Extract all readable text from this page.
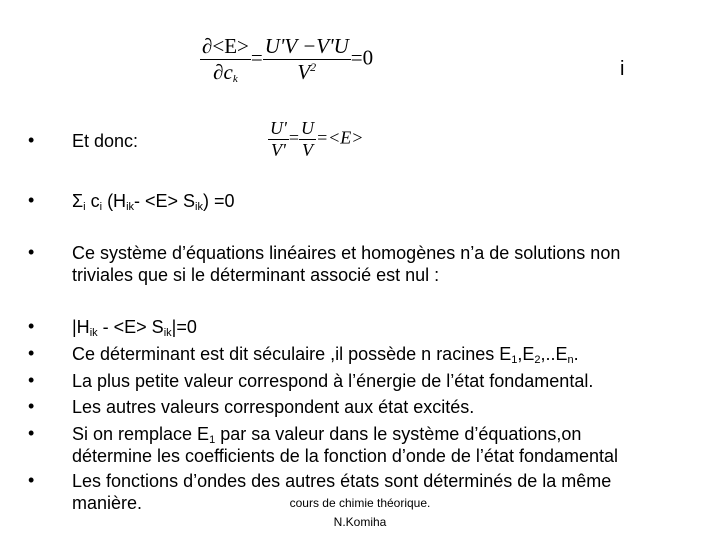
$\frac{\partial<E>}{\partial c_k} = \frac{U'V -V'U}{V^2} =0$	i
• Et donc:	$\frac{U'}{V'} = \frac{U}{V} =<E>$
• $\Sigma_i$ $c_i$ $(H_{ik}- <E> S_{ik}) =0$
• Ce système d’équations linéaires et homogènes n’a de solutions non
triviales que si le déterminant associé est nul :
• $|H_{ik} - <E> S_{ik}|=0$
• Ce déterminant est dit séculaire ,il possède n racines $E_1,E_2,..E_n$.
• La plus petite valeur correspond à l’énergie de l’état fondamental.
• Les autres valeurs correspondent aux état excités.
• Si on remplace $E_1$ par sa valeur dans le système d’équations,on
détermine les coefficients de la fonction d’onde de l’état fondamental
• Les fonctions d’ondes des autres états sont déterminés de la même
manière.	cours de chimie théorique.
N.Komiha
